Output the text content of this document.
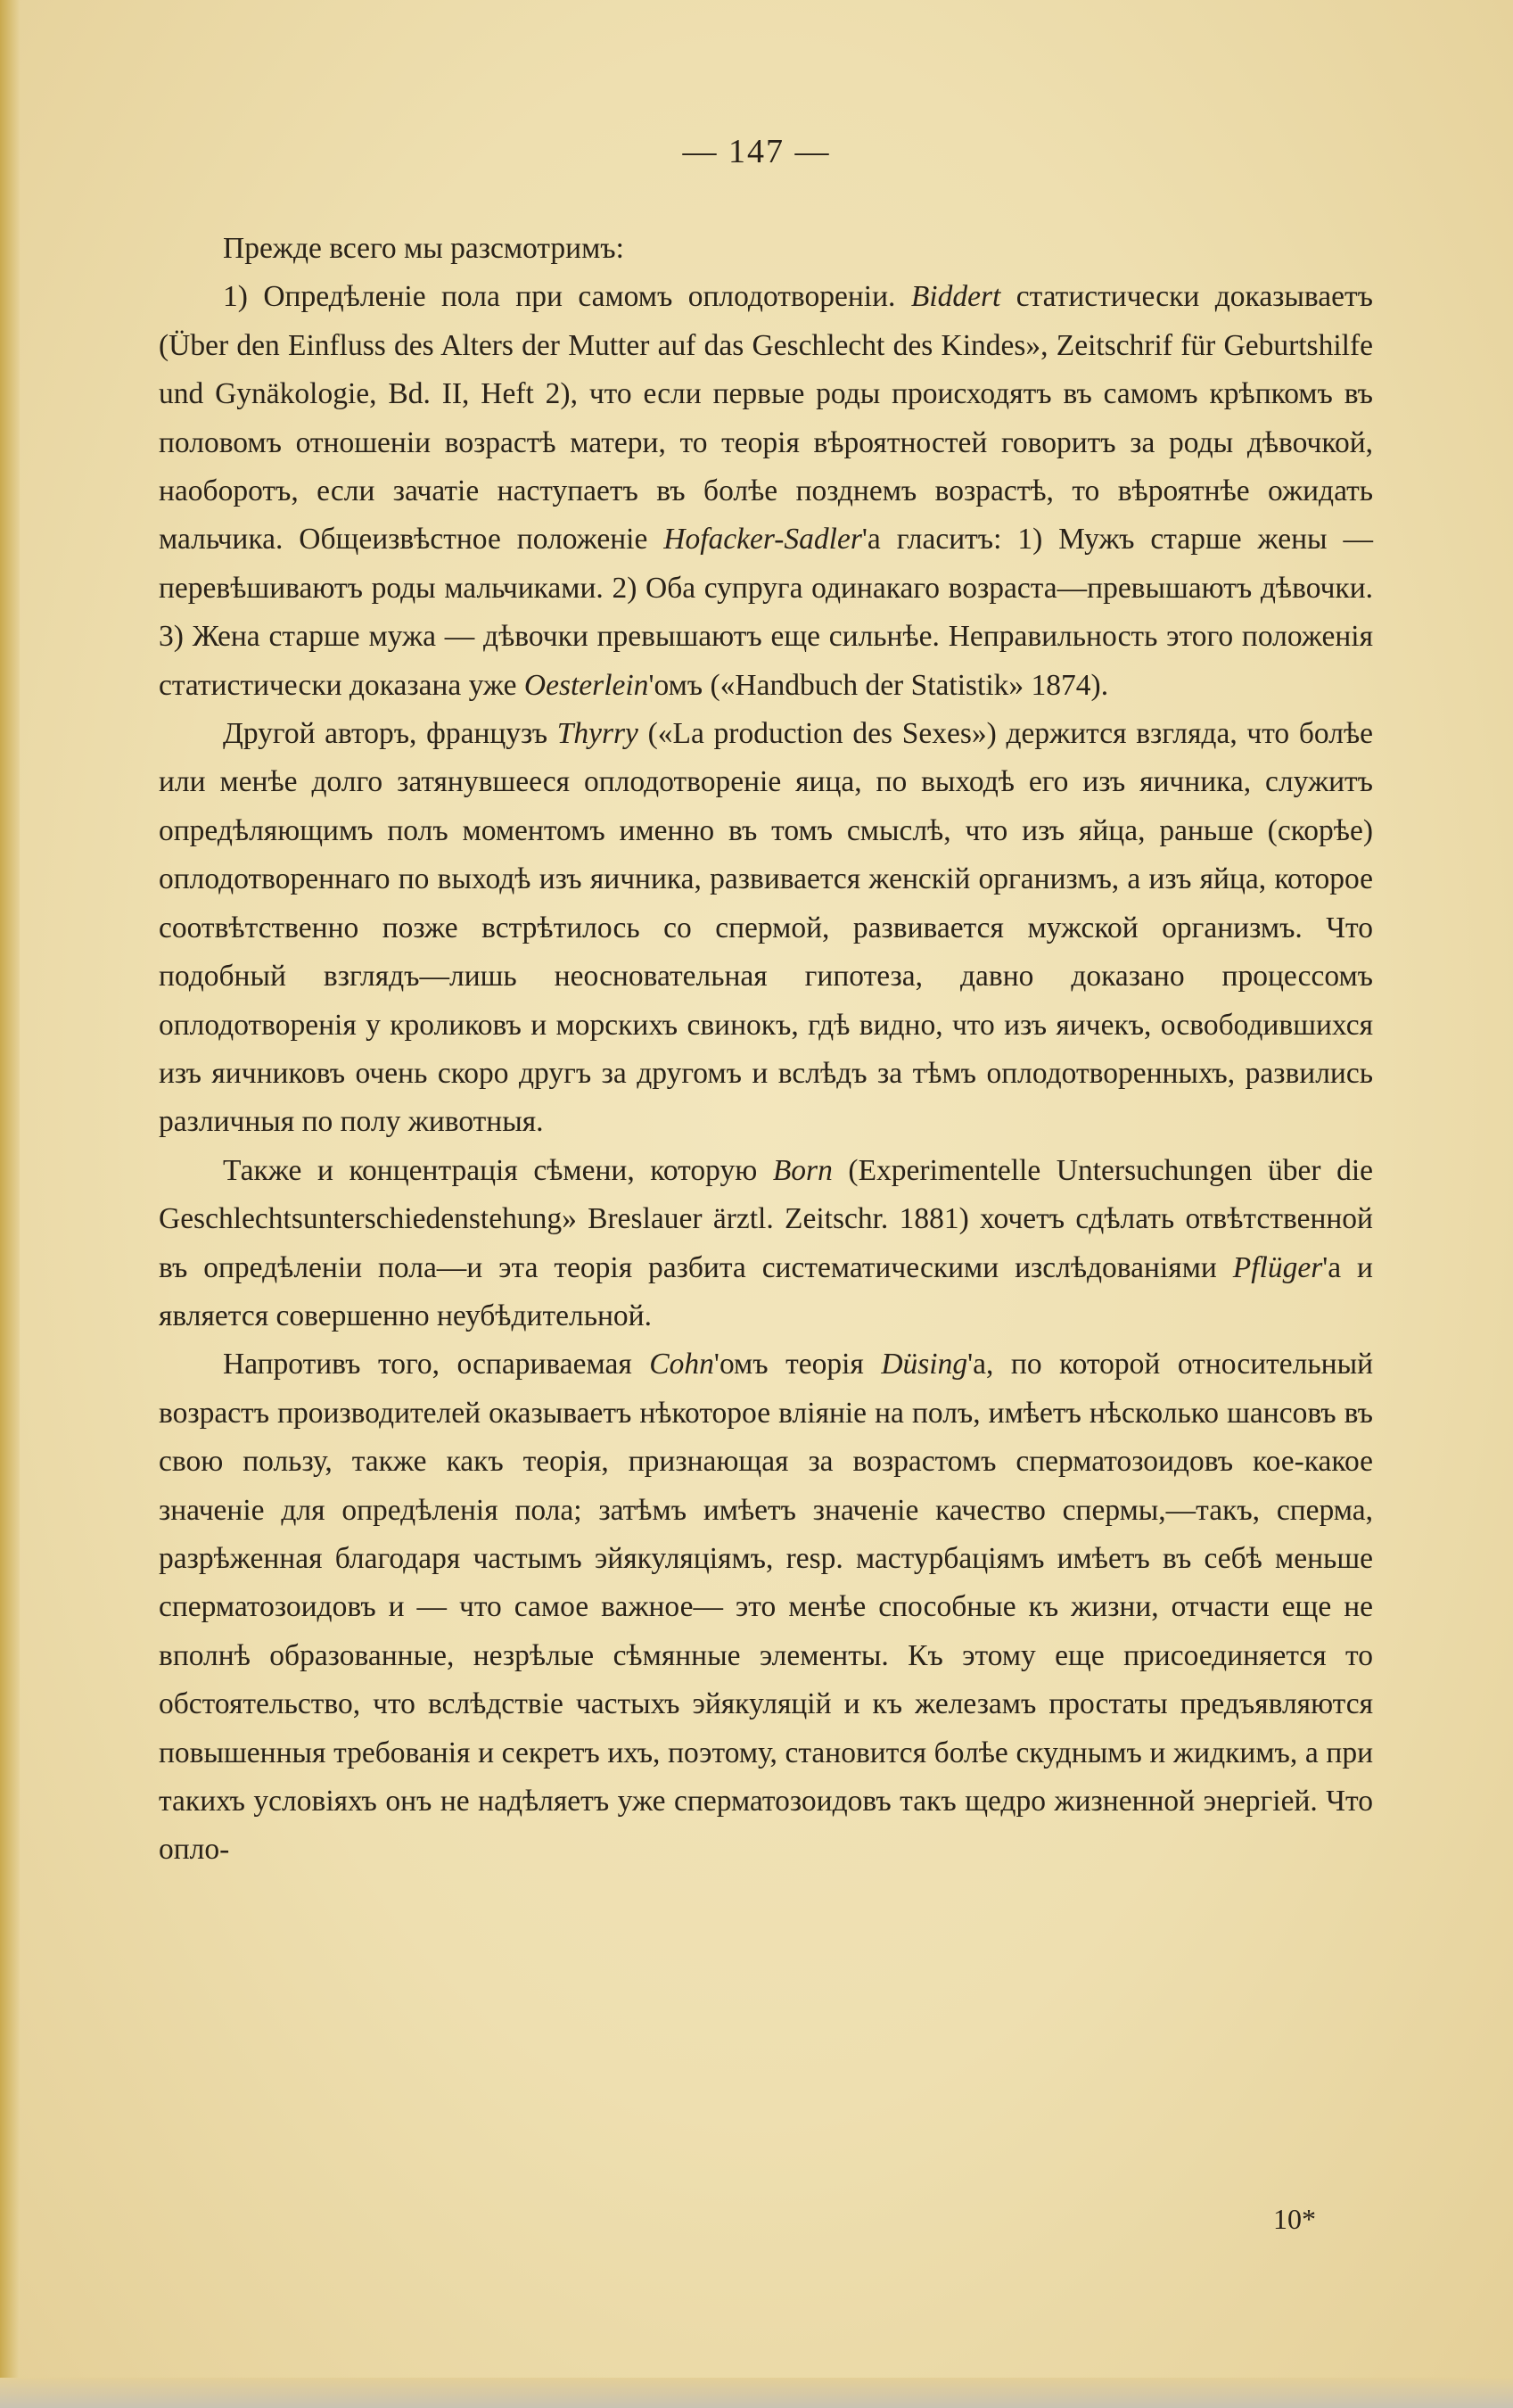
— 147 —

Прежде всего мы разсмотримъ:

1) Опредѣленіе пола при самомъ оплодотвореніи. Biddert статистически доказываетъ (Über den Einfluss des Alters der Mutter auf das Geschlecht des Kindes», Zeitschrif für Geburtshilfe und Gynäkologie, Bd. II, Heft 2), что если первые роды происходятъ въ самомъ крѣпкомъ въ половомъ отношеніи возрастѣ матери, то теорія вѣроятностей говоритъ за роды дѣвочкой, наоборотъ, если зачатіе наступаетъ въ болѣе позднемъ возрастѣ, то вѣроятнѣе ожидать мальчика. Общеизвѣстное положеніе Hofacker-Sadler'а гласитъ: 1) Мужъ старше жены — перевѣшиваютъ роды мальчиками. 2) Оба супруга одинакаго возраста—превышаютъ дѣвочки. 3) Жена старше мужа — дѣвочки превышаютъ еще сильнѣе. Неправильность этого положенія статистически доказана уже Oesterlein'омъ («Handbuch der Statistik» 1874).

Другой авторъ, французъ Thyrry («La production des Sexes») держится взгляда, что болѣе или менѣе долго затянувшееся оплодотвореніе яица, по выходѣ его изъ яичника, служитъ опредѣляющимъ полъ моментомъ именно въ томъ смыслѣ, что изъ яйца, раньше (скорѣе) оплодотвореннаго по выходѣ изъ яичника, развивается женскій организмъ, а изъ яйца, которое соотвѣтственно позже встрѣтилось со спермой, развивается мужской организмъ. Что подобный взглядъ—лишь неосновательная гипотеза, давно доказано процессомъ оплодотворенія у кроликовъ и морскихъ свинокъ, гдѣ видно, что изъ яичекъ, освободившихся изъ яичниковъ очень скоро другъ за другомъ и вслѣдъ за тѣмъ оплодотворенныхъ, развились различныя по полу животныя.

Также и концентрація сѣмени, которую Born (Experimentelle Untersuchungen über die Geschlechtsunterschiedenstehung» Breslauer ärztl. Zeitschr. 1881) хочетъ сдѣлать отвѣтственной въ опредѣленіи пола—и эта теорія разбита систематическими изслѣдованіями Pflüger'а и является совершенно неубѣдительной.

Напротивъ того, оспариваемая Cohn'омъ теорія Düsing'а, по которой относительный возрастъ производителей оказываетъ нѣкоторое вліяніе на полъ, имѣетъ нѣсколько шансовъ въ свою пользу, также какъ теорія, признающая за возрастомъ сперматозоидовъ кое-какое значеніе для опредѣленія пола; затѣмъ имѣетъ значеніе качество спермы,—такъ, сперма, разрѣженная благодаря частымъ эйякуляціямъ, resp. мастурбаціямъ имѣетъ въ себѣ меньше сперматозоидовъ и — что самое важное— это менѣе способные къ жизни, отчасти еще не вполнѣ образованные, незрѣлые сѣмянные элементы. Къ этому еще присоединяется то обстоятельство, что вслѣдствіе частыхъ эйякуляцій и къ железамъ простаты предъявляются повышенныя требованія и секретъ ихъ, поэтому, становится болѣе скуднымъ и жидкимъ, а при такихъ условіяхъ онъ не надѣляетъ уже сперматозоидовъ такъ щедро жизненной энергіей. Что опло-

10*
